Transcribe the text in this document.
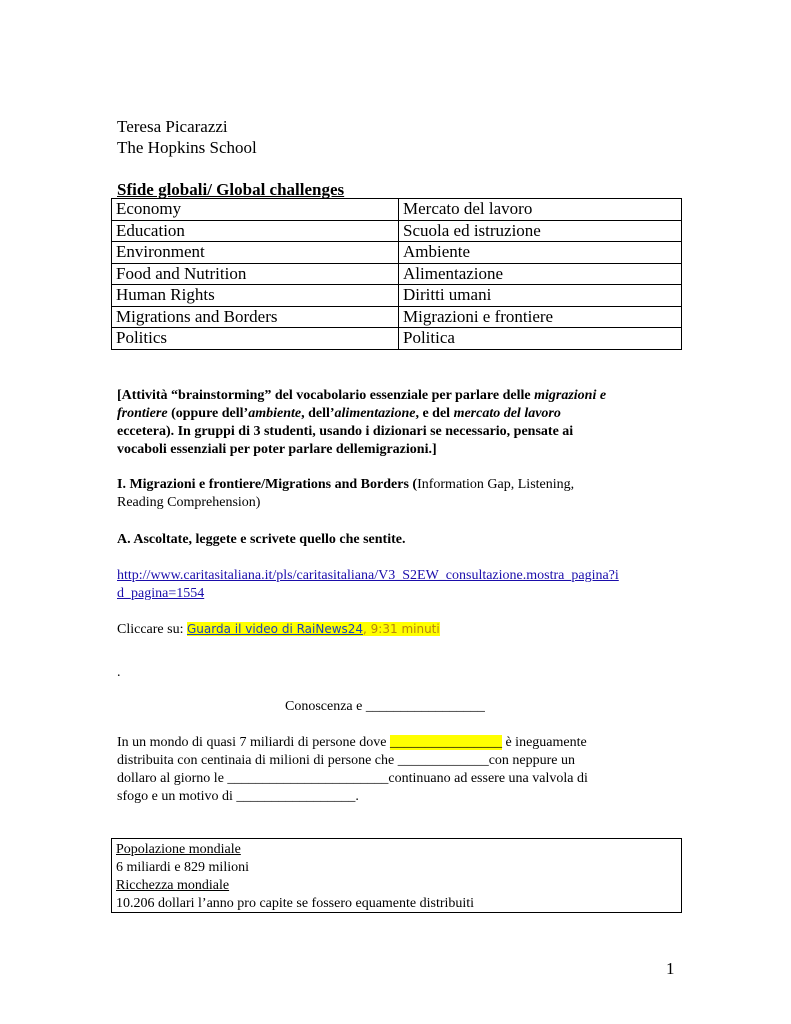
Teresa Picarazzi
The Hopkins School
Sfide globali/ Global challenges
Economy	Mercato del lavoro
Education	Scuola ed istruzione
Environment	Ambiente
Food and Nutrition	Alimentazione
Human Rights	Diritti umani
Migrations and Borders	Migrazioni e frontiere
Politics	Politica
[Attività “brainstorming” del vocabolario essenziale per parlare delle migrazioni e
frontiere (oppure dell’ambiente, dell’alimentazione, e del mercato del lavoro
eccetera). In gruppi di 3 studenti, usando i dizionari se necessario, pensate ai
vocaboli essenziali per poter parlare dellemigrazioni.]
I. Migrazioni e frontiere/Migrations and Borders (Information Gap, Listening,
Reading Comprehension)
A. Ascoltate, leggete e scrivete quello che sentite.
http://www.caritasitaliana.it/pls/caritasitaliana/V3_S2EW_consultazione.mostra_pagina?i
d_pagina=1554
Cliccare su: Guarda il video di RaiNews24, 9:31 minuti
.
Conoscenza e _________________
In un mondo di quasi 7 miliardi di persone dove ________________ è ineguamente
distribuita con centinaia di milioni di persone che _____________con neppure un
dollaro al giorno le _______________________continuano ad essere una valvola di
sfogo e un motivo di _________________.
Popolazione mondiale
6 miliardi e 829 milioni
Ricchezza mondiale
10.206 dollari l’anno pro capite se fossero equamente distribuiti
1
